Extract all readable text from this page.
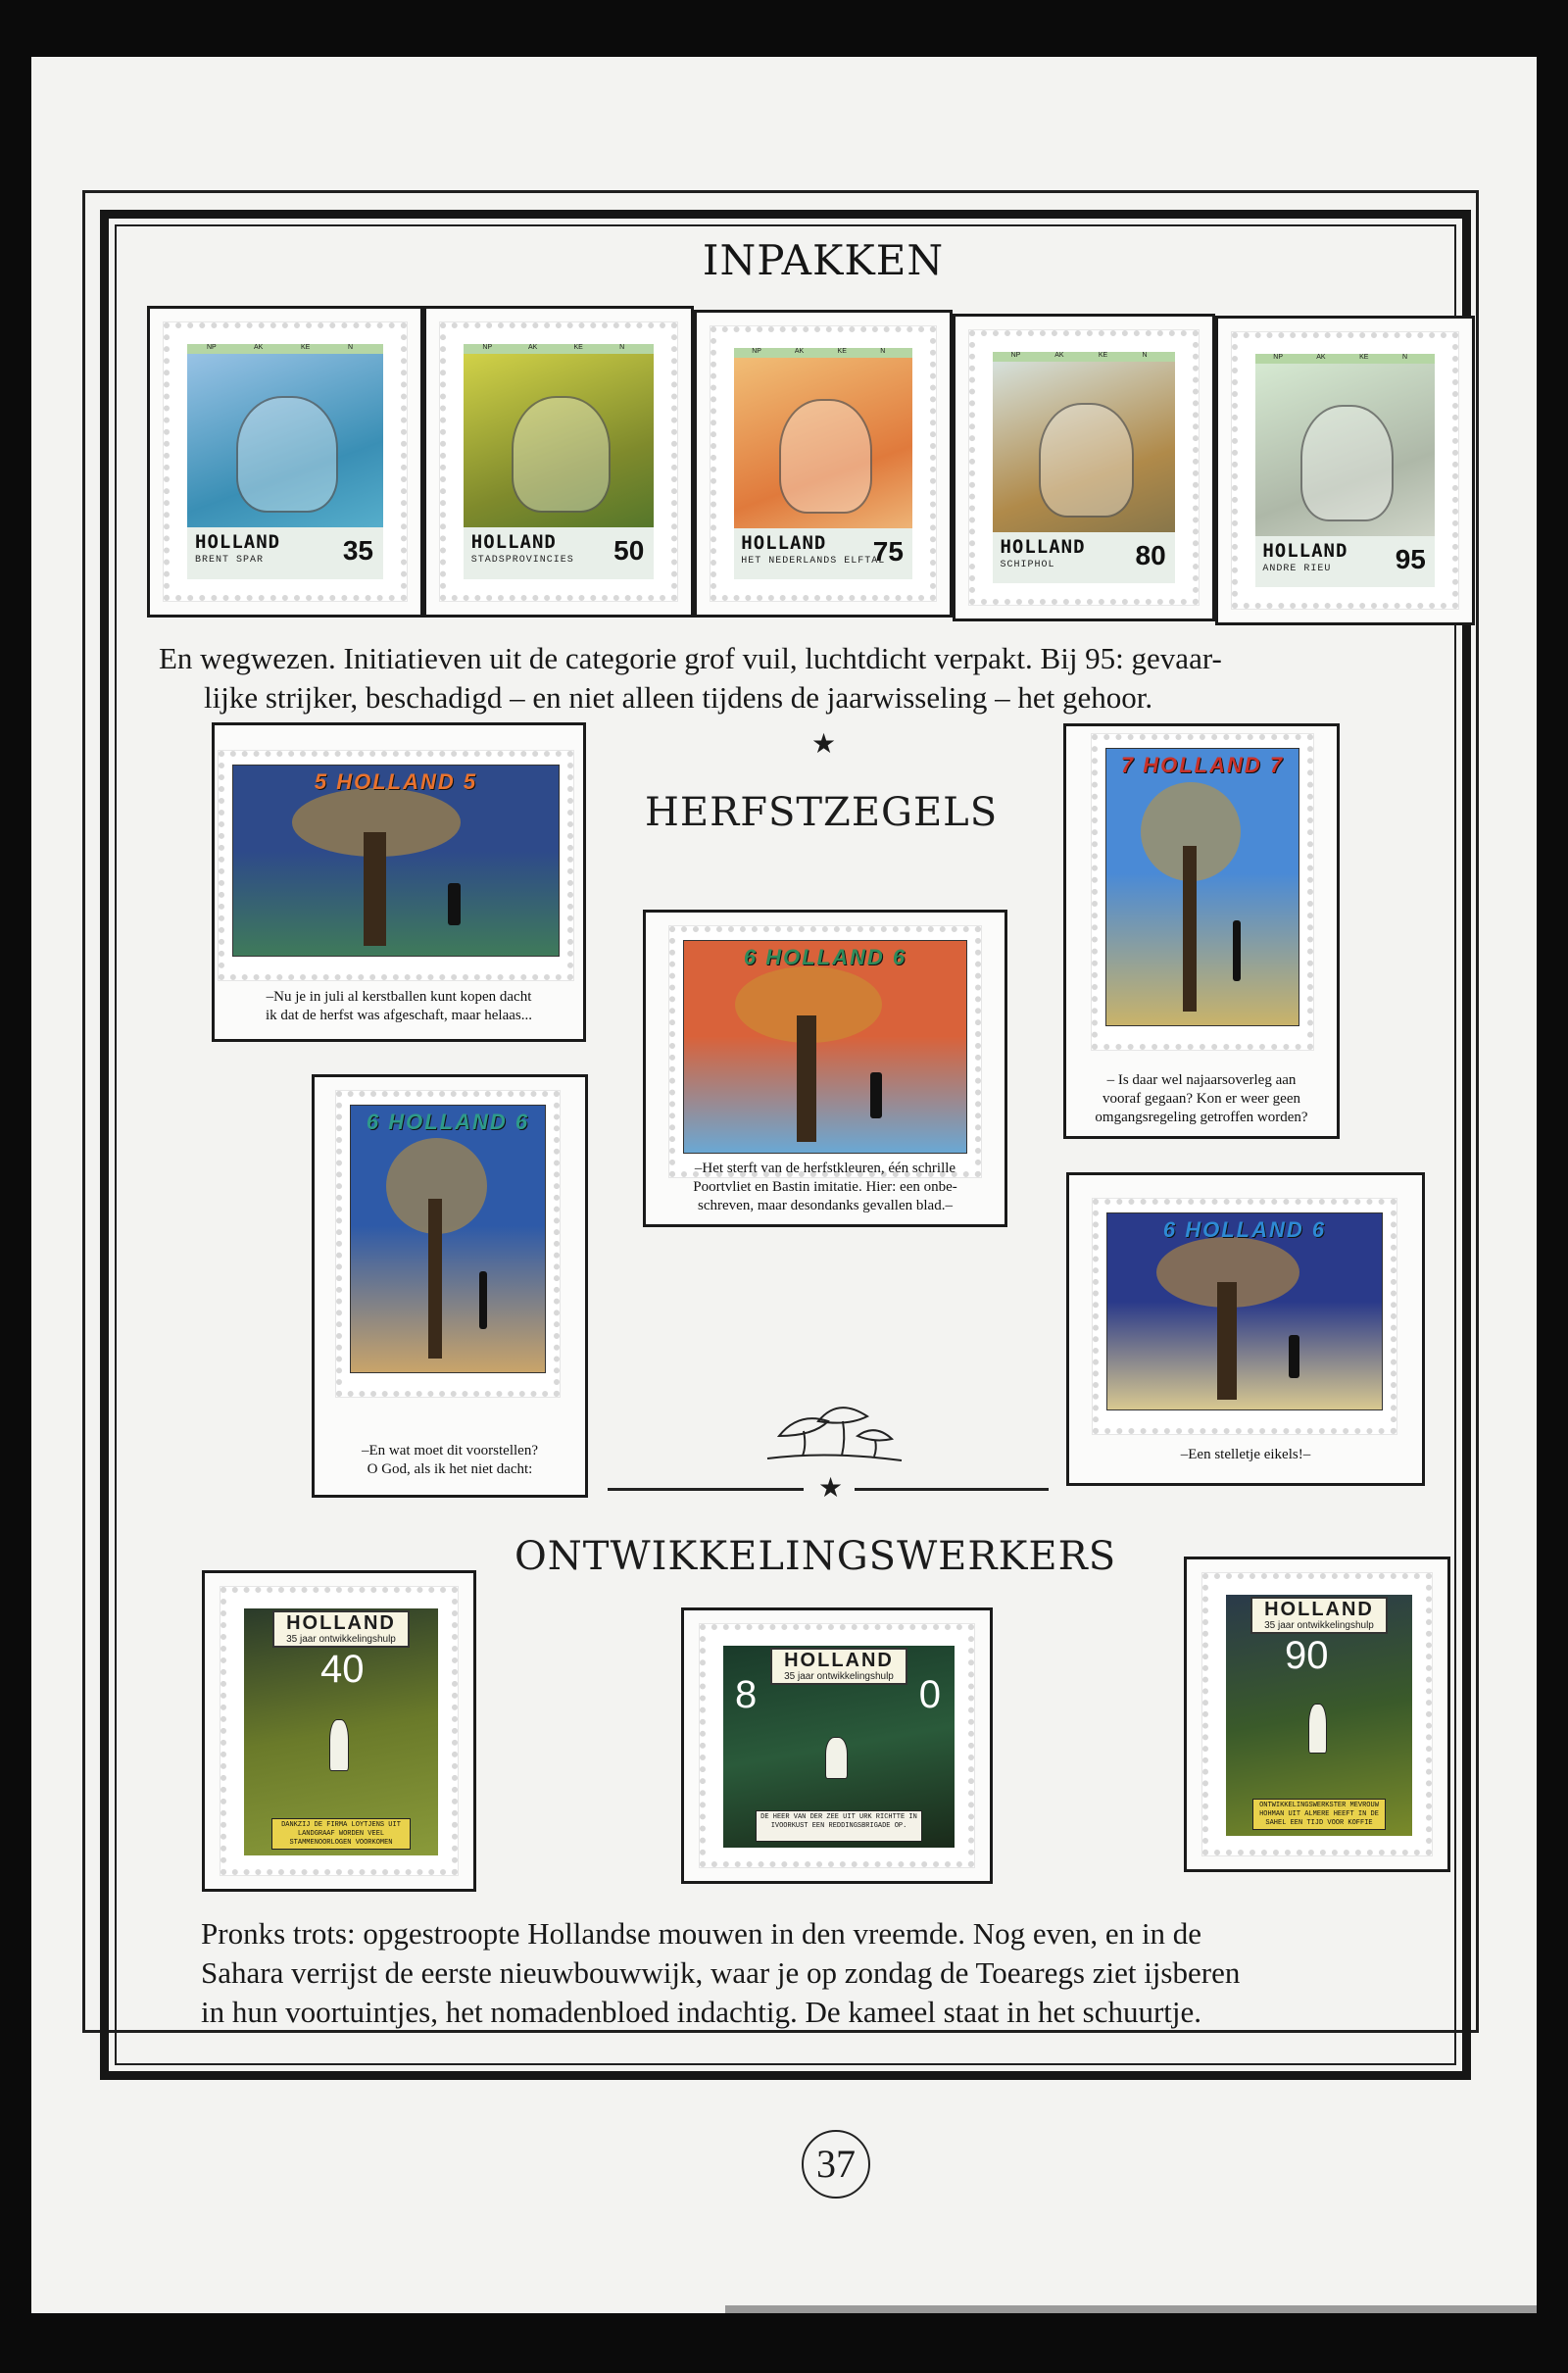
INPAKKEN
NP	AK	KE	N
HOLLAND
BRENT SPAR	35
NP	AK	KE	N
HOLLAND
STADSPROVINCIES 50
NP	AK	KE	N
HOLLAND
HET NEDERLANDS ELFTAL
75
NP	AK	KE	N
HOLLAND
SCHIPHOL	80
NP	AK	KE	N
HOLLAND
ANDRE RIEU 95
En wegwezen. Initiatieven uit de categorie grof vuil, luchtdicht verpakt. Bij 95: gevaar-
lijke strijker, beschadigd – en niet alleen tijdens de jaarwisseling – het gehoor.
★
HERFSTZEGELS
5 HOLLAND 5
–Nu je in juli al kerstballen kunt kopen dacht
ik dat de herfst was afgeschaft, maar helaas...
7 HOLLAND 7
– Is daar wel najaarsoverleg aan
vooraf gegaan? Kon er weer geen
omgangsregeling getroffen worden?
6 HOLLAND 6
–Het sterft van de herfstkleuren, één schrille
Poortvliet en Bastin imitatie. Hier: een onbe-
schreven, maar desondanks gevallen blad.–
6 HOLLAND 6
–En wat moet dit voorstellen?
O God, als ik het niet dacht:
6 HOLLAND 6
–Een stelletje eikels!–
★
ONTWIKKELINGSWERKERS
HOLLAND
35 jaar ontwikkelingshulp
40
DANKZIJ DE FIRMA LOYTJENS UIT LANDGRAAF WORDEN VEEL STAMMENOORLOGEN VOORKOMEN
HOLLAND
35 jaar ontwikkelingshulp
8	0
DE HEER VAN DER ZEE UIT URK RICHTTE IN IVOORKUST EEN REDDINGSBRIGADE OP.
HOLLAND
35 jaar ontwikkelingshulp
90
ONTWIKKELINGSWERKSTER MEVROUW HOHMAN UIT ALMERE HEEFT IN DE SAHEL EEN TIJD VOOR KOFFIE
Pronks trots: opgestroopte Hollandse mouwen in den vreemde. Nog even, en in de
Sahara verrijst de eerste nieuwbouwwijk, waar je op zondag de Toearegs ziet ijsberen
in hun voortuintjes, het nomadenbloed indachtig. De kameel staat in het schuurtje.
37
